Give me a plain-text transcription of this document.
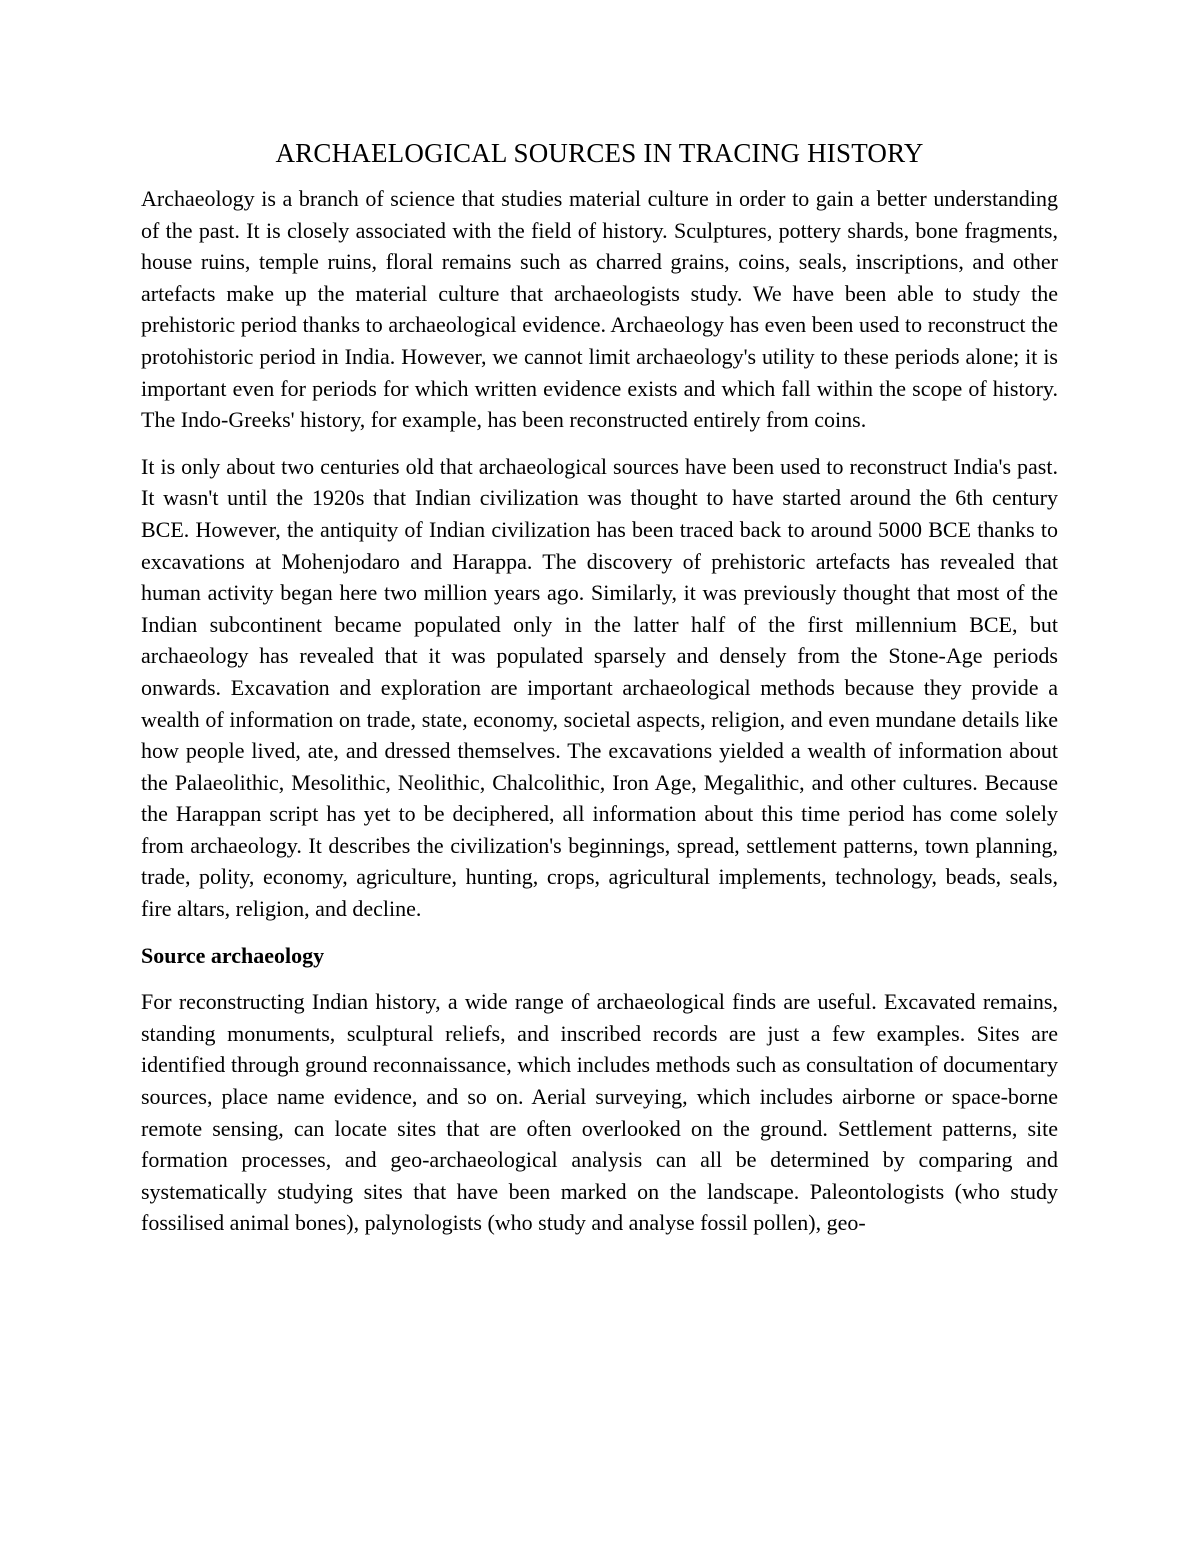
ARCHAELOGICAL SOURCES IN TRACING HISTORY

Archaeology is a branch of science that studies material culture in order to gain a better understanding of the past. It is closely associated with the field of history. Sculptures, pottery shards, bone fragments, house ruins, temple ruins, floral remains such as charred grains, coins, seals, inscriptions, and other artefacts make up the material culture that archaeologists study. We have been able to study the prehistoric period thanks to archaeological evidence. Archaeology has even been used to reconstruct the protohistoric period in India. However, we cannot limit archaeology's utility to these periods alone; it is important even for periods for which written evidence exists and which fall within the scope of history. The Indo-Greeks' history, for example, has been reconstructed entirely from coins.

It is only about two centuries old that archaeological sources have been used to reconstruct India's past. It wasn't until the 1920s that Indian civilization was thought to have started around the 6th century BCE. However, the antiquity of Indian civilization has been traced back to around 5000 BCE thanks to excavations at Mohenjodaro and Harappa. The discovery of prehistoric artefacts has revealed that human activity began here two million years ago. Similarly, it was previously thought that most of the Indian subcontinent became populated only in the latter half of the first millennium BCE, but archaeology has revealed that it was populated sparsely and densely from the Stone-Age periods onwards. Excavation and exploration are important archaeological methods because they provide a wealth of information on trade, state, economy, societal aspects, religion, and even mundane details like how people lived, ate, and dressed themselves. The excavations yielded a wealth of information about the Palaeolithic, Mesolithic, Neolithic, Chalcolithic, Iron Age, Megalithic, and other cultures. Because the Harappan script has yet to be deciphered, all information about this time period has come solely from archaeology. It describes the civilization's beginnings, spread, settlement patterns, town planning, trade, polity, economy, agriculture, hunting, crops, agricultural implements, technology, beads, seals, fire altars, religion, and decline.

Source archaeology

For reconstructing Indian history, a wide range of archaeological finds are useful. Excavated remains, standing monuments, sculptural reliefs, and inscribed records are just a few examples. Sites are identified through ground reconnaissance, which includes methods such as consultation of documentary sources, place name evidence, and so on. Aerial surveying, which includes airborne or space-borne remote sensing, can locate sites that are often overlooked on the ground. Settlement patterns, site formation processes, and geo-archaeological analysis can all be determined by comparing and systematically studying sites that have been marked on the landscape. Paleontologists (who study fossilised animal bones), palynologists (who study and analyse fossil pollen), geo-
